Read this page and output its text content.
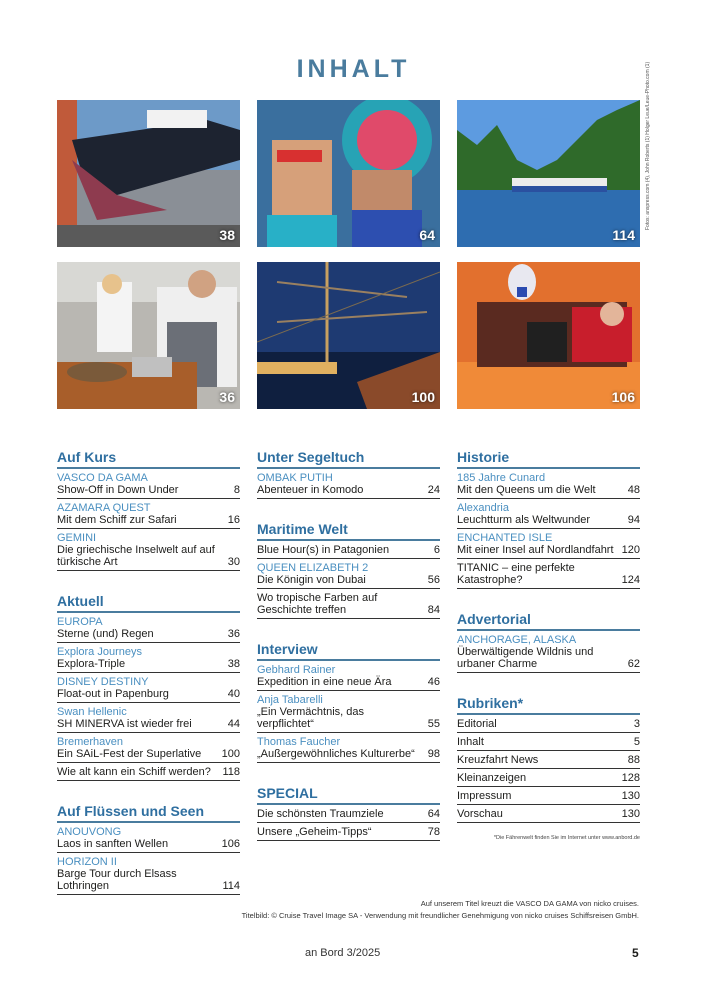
INHALT
38	64	114
36	100	106
Fotos: anspress.com (4), John Roberts (1) Holger Leue/Leue-Photo.com (1)
Auf Kurs
VASCO DA GAMA
Show-Off in Down Under	8
AZAMARA QUEST
Mit dem Schiff zur Safari	16
GEMINI
Die griechische Inselwelt auf auf türkische Art	30
Aktuell
EUROPA
Sterne (und) Regen	36
Explora Journeys
Explora-Triple	38
DISNEY DESTINY
Float-out in Papenburg	40
Swan Hellenic
SH MINERVA ist wieder frei	44
Bremerhaven
Ein SAiL-Fest der Superlative	100
Wie alt kann ein Schiff werden?	118
Auf Flüssen und Seen
ANOUVONG
Laos in sanften Wellen	106
HORIZON II
Barge Tour durch Elsass Lothringen	114
Unter Segeltuch
OMBAK PUTIH
Abenteuer in Komodo	24
Maritime Welt
Blue Hour(s) in Patagonien	6
QUEEN ELIZABETH 2
Die Königin von Dubai	56
Wo tropische Farben auf Geschichte treffen	84
Interview
Gebhard Rainer
Expedition in eine neue Ära	46
Anja Tabarelli
„Ein Vermächtnis, das verpflichtet“	55
Thomas Faucher
„Außergewöhnliches Kulturerbe“	98
SPECIAL
Die schönsten Traumziele	64
Unsere „Geheim-Tipps“	78
Historie
185 Jahre Cunard
Mit den Queens um die Welt	48
Alexandria
Leuchtturm als Weltwunder	94
ENCHANTED ISLE
Mit einer Insel auf Nordlandfahrt 120
TITANIC – eine perfekte Katastrophe?	124
Advertorial
ANCHORAGE, ALASKA
Überwältigende Wildnis und urbaner Charme	62
Rubriken*
Editorial	3
Inhalt	5
Kreuzfahrt News	88
Kleinanzeigen	128
Impressum	130
Vorschau	130
*Die Fährenwelt finden Sie im Internet unter www.anbord.de
Auf unserem Titel kreuzt die VASCO DA GAMA von nicko cruises.
Titelbild: © Cruise Travel Image SA - Verwendung mit freundlicher Genehmigung von nicko cruises Schiffsreisen GmbH.
an Bord 3/2025	5
